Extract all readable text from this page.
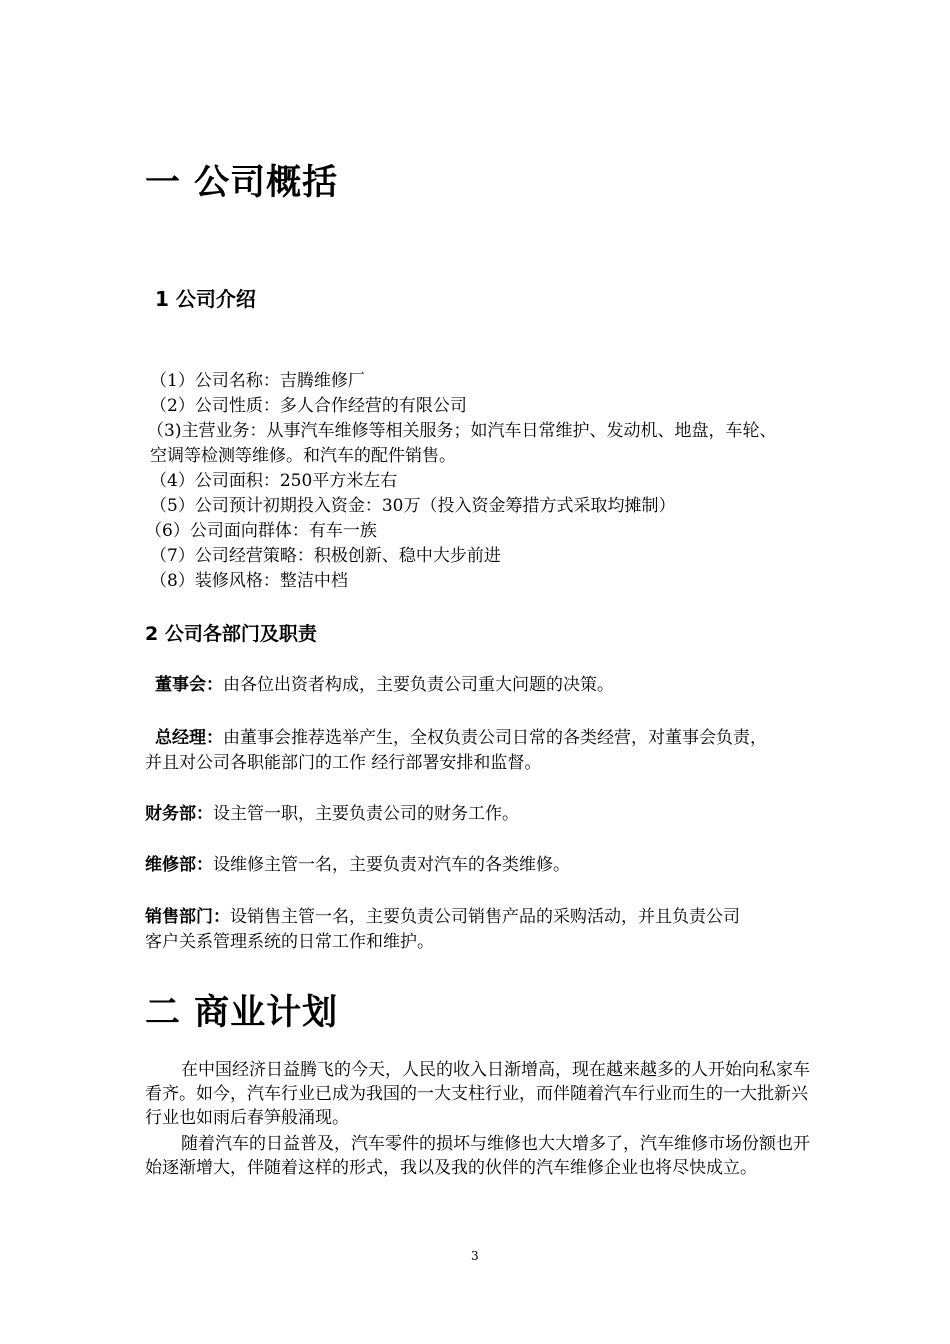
一 公司概括
1 公司介绍
（1）公司名称：吉腾维修厂
（2）公司性质：多人合作经营的有限公司
（3)主营业务：从事汽车维修等相关服务；如汽车日常维护、发动机、地盘，车轮、
空调等检测等维修。和汽车的配件销售。
（4）公司面积：250平方米左右
（5）公司预计初期投入资金：30万（投入资金筹措方式采取均摊制）
（6）公司面向群体：有车一族
（7）公司经营策略：积极创新、稳中大步前进
（8）装修风格：整洁中档
2 公司各部门及职责
董事会：由各位出资者构成，主要负责公司重大问题的决策。
总经理：由董事会推荐选举产生，全权负责公司日常的各类经营，对董事会负责，
并且对公司各职能部门的工作 经行部署安排和监督。
财务部：设主管一职，主要负责公司的财务工作。
维修部：设维修主管一名，主要负责对汽车的各类维修。
销售部门：设销售主管一名，主要负责公司销售产品的采购活动，并且负责公司
客户关系管理系统的日常工作和维护。
二 商业计划
在中国经济日益腾飞的今天，人民的收入日渐增高，现在越来越多的人开始向私家车看齐。如今，汽车行业已成为我国的一大支柱行业，而伴随着汽车行业而生的一大批新兴行业也如雨后春笋般涌现。
随着汽车的日益普及，汽车零件的损坏与维修也大大增多了，汽车维修市场份额也开始逐渐增大，伴随着这样的形式，我以及我的伙伴的汽车维修企业也将尽快成立。
3
